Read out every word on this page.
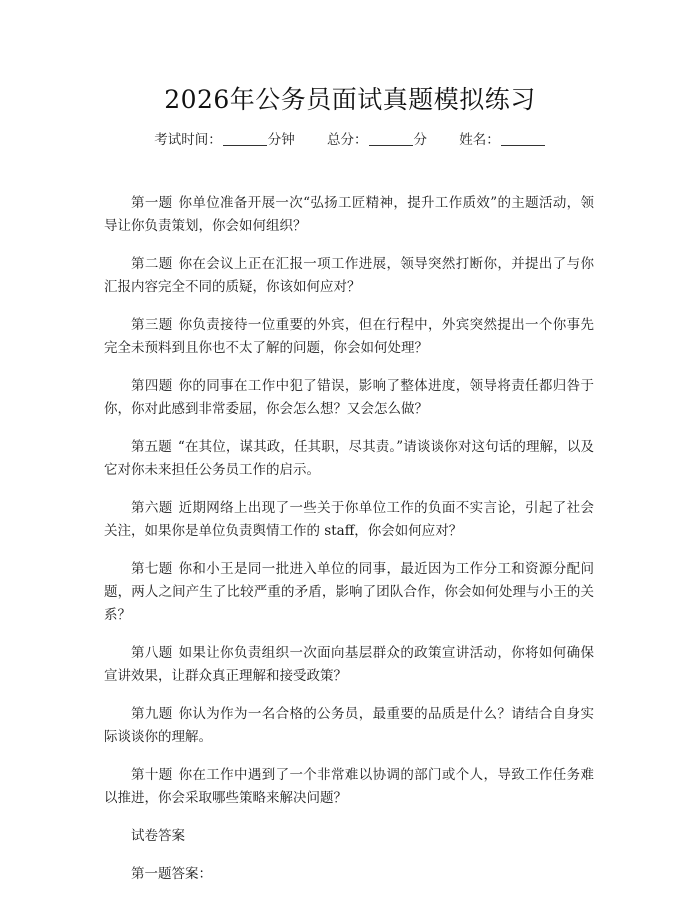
2026年公务员面试真题模拟练习
考试时间：	分钟 总分：	分 姓名：

第一题 你单位准备开展一次“弘扬工匠精神，提升工作质效”的主题活动，领导让你负责策划，你会如何组织？

第二题 你在会议上正在汇报一项工作进展，领导突然打断你，并提出了与你汇报内容完全不同的质疑，你该如何应对？

第三题 你负责接待一位重要的外宾，但在行程中，外宾突然提出一个你事先完全未预料到且你也不太了解的问题，你会如何处理？

第四题 你的同事在工作中犯了错误，影响了整体进度，领导将责任都归咎于你，你对此感到非常委屈，你会怎么想？又会怎么做？

第五题 “在其位，谋其政，任其职，尽其责。”请谈谈你对这句话的理解，以及它对你未来担任公务员工作的启示。

第六题 近期网络上出现了一些关于你单位工作的负面不实言论，引起了社会关注，如果你是单位负责舆情工作的 staff，你会如何应对？

第七题 你和小王是同一批进入单位的同事，最近因为工作分工和资源分配问题，两人之间产生了比较严重的矛盾，影响了团队合作，你会如何处理与小王的关系？

第八题 如果让你负责组织一次面向基层群众的政策宣讲活动，你将如何确保宣讲效果，让群众真正理解和接受政策？

第九题 你认为作为一名合格的公务员，最重要的品质是什么？请结合自身实际谈谈你的理解。

第十题 你在工作中遇到了一个非常难以协调的部门或个人，导致工作任务难以推进，你会采取哪些策略来解决问题？

试卷答案

第一题答案：
